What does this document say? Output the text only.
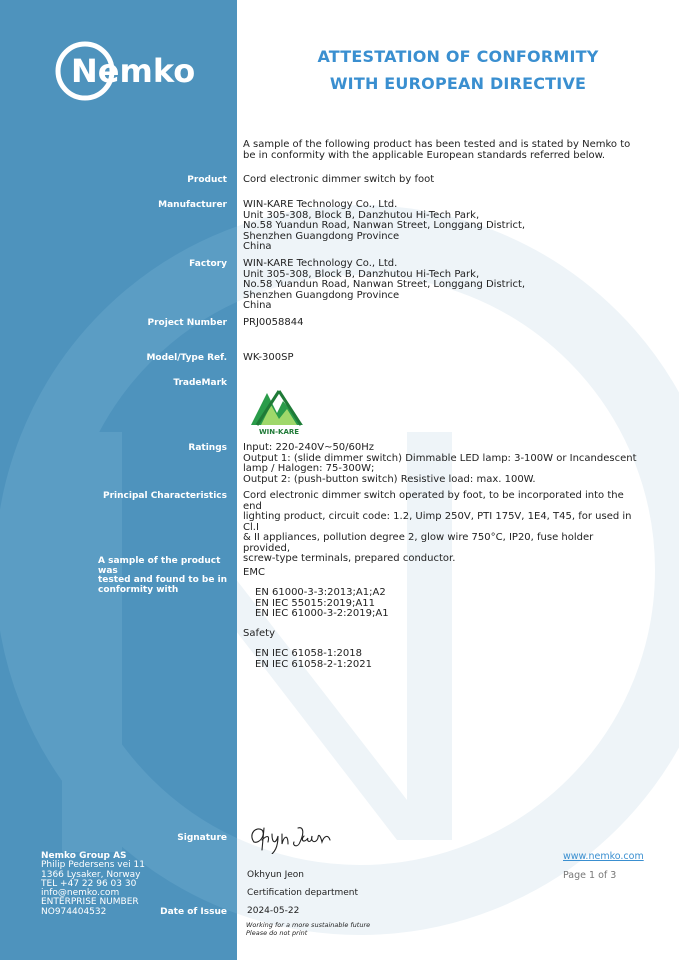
Nemko	ATTESTATION OF CONFORMITY
WITH EUROPEAN DIRECTIVE
A sample of the following product has been tested and is stated by Nemko to be in conformity with the applicable European standards referred below.
Product Cord electronic dimmer switch by foot
Manufacturer WIN-KARE Technology Co., Ltd.
Unit 305-308, Block B, Danzhutou Hi-Tech Park,
No.58 Yuandun Road, Nanwan Street, Longgang District,
Shenzhen Guangdong Province
China
Factory WIN-KARE Technology Co., Ltd.
Unit 305-308, Block B, Danzhutou Hi-Tech Park,
No.58 Yuandun Road, Nanwan Street, Longgang District,
Shenzhen Guangdong Province
China
Project Number PRJ0058844
Model/Type Ref. WK-300SP
TradeMark
WIN-KARE
Ratings Input: 220-240V~50/60Hz
Output 1: (slide dimmer switch) Dimmable LED lamp: 3-100W or Incandescent
lamp / Halogen: 75-300W;
Output 2: (push-button switch) Resistive load: max. 100W.
Principal Characteristics Cord electronic dimmer switch operated by foot, to be incorporated into the end
lighting product, circuit code: 1.2, Uimp 250V, PTI 175V, 1E4, T45, for used in Cl.I
& II appliances, pollution degree 2, glow wire 750°C, IP20, fuse holder provided,
screw-type terminals, prepared conductor.
A sample of the product was
tested and found to be in
conformity with
EMC
EN 61000-3-3:2013;A1;A2
EN IEC 55015:2019;A11
EN IEC 61000-3-2:2019;A1
Safety
EN IEC 61058-1:2018
EN IEC 61058-2-1:2021
Signature
Okhyun Jeon
Certification department
Date of Issue 2024-05-22
Working for a more sustainable future
Please do not print
Nemko Group AS
Philip Pedersens vei 11
1366 Lysaker, Norway
TEL +47 22 96 03 30
info@nemko.com
ENTERPRISE NUMBER
NO974404532
www.nemko.com
Page 1 of 3
